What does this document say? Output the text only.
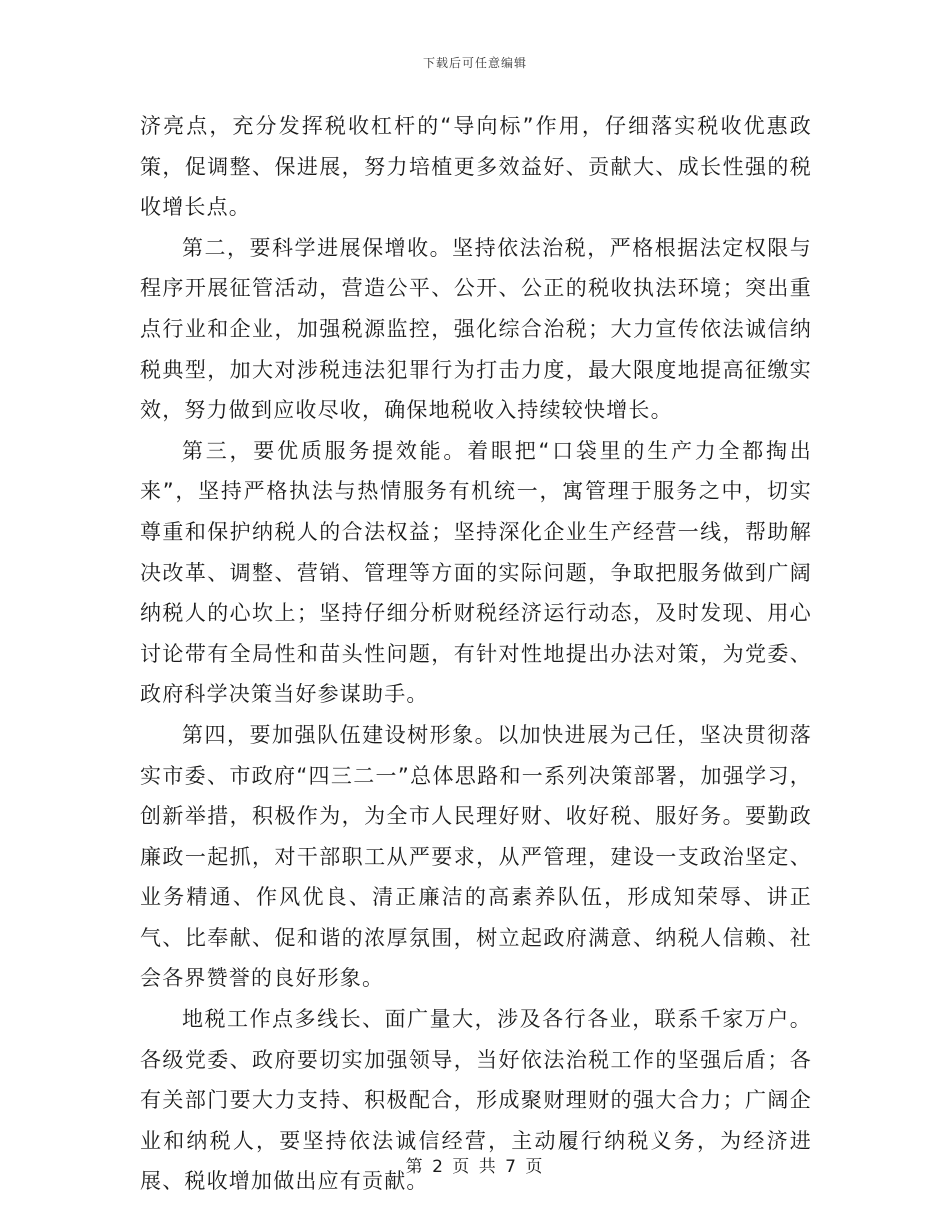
下载后可任意编辑

济亮点，充分发挥税收杠杆的“导向标”作用，仔细落实税收优惠政策，促调整、保进展，努力培植更多效益好、贡献大、成长性强的税收增长点。

第二，要科学进展保增收。坚持依法治税，严格根据法定权限与程序开展征管活动，营造公平、公开、公正的税收执法环境；突出重点行业和企业，加强税源监控，强化综合治税；大力宣传依法诚信纳税典型，加大对涉税违法犯罪行为打击力度，最大限度地提高征缴实效，努力做到应收尽收，确保地税收入持续较快增长。

第三，要优质服务提效能。着眼把“口袋里的生产力全都掏出来”，坚持严格执法与热情服务有机统一，寓管理于服务之中，切实尊重和保护纳税人的合法权益；坚持深化企业生产经营一线，帮助解决改革、调整、营销、管理等方面的实际问题，争取把服务做到广阔纳税人的心坎上；坚持仔细分析财税经济运行动态，及时发现、用心讨论带有全局性和苗头性问题，有针对性地提出办法对策，为党委、政府科学决策当好参谋助手。

第四，要加强队伍建设树形象。以加快进展为己任，坚决贯彻落实市委、市政府“四三二一”总体思路和一系列决策部署，加强学习，创新举措，积极作为，为全市人民理好财、收好税、服好务。要勤政廉政一起抓，对干部职工从严要求，从严管理，建设一支政治坚定、业务精通、作风优良、清正廉洁的高素养队伍，形成知荣辱、讲正气、比奉献、促和谐的浓厚氛围，树立起政府满意、纳税人信赖、社会各界赞誉的良好形象。

地税工作点多线长、面广量大，涉及各行各业，联系千家万户。各级党委、政府要切实加强领导，当好依法治税工作的坚强后盾；各有关部门要大力支持、积极配合，形成聚财理财的强大合力；广阔企业和纳税人，要坚持依法诚信经营，主动履行纳税义务，为经济进展、税收增加做出应有贡献。

第 2 页 共 7 页
